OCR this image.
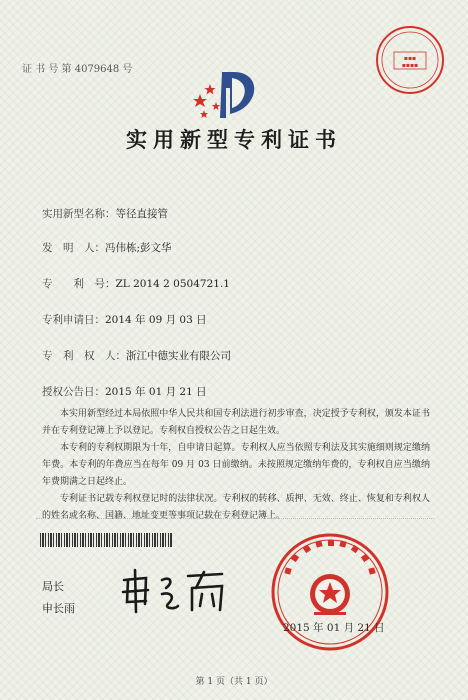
▪▪▪
▪▪▪▪
证 书 号 第 4079648 号
实用新型专利证书
实用新型名称：等径直接管
发　明　人：冯伟栋;彭文华
专　　利　号：ZL 2014 2 0504721.1
专利申请日：2014 年 09 月 03 日
专　利　权　人：浙江中德实业有限公司
授权公告日：2015 年 01 月 21 日

本实用新型经过本局依照中华人民共和国专利法进行初步审查，决定授予专利权，颁发本证书并在专利登记簿上予以登记。专利权自授权公告之日起生效。

本专利的专利权期限为十年，自申请日起算。专利权人应当依照专利法及其实施细则规定缴纳年费。本专利的年费应当在每年 09 月 03 日前缴纳。未按照规定缴纳年费的，专利权自应当缴纳年费期满之日起终止。

专利证书记载专利权登记时的法律状况。专利权的转移、质押、无效、终止、恢复和专利权人的姓名或名称、国籍、地址变更等事项记载在专利登记簿上。

局长
申长雨
2015 年 01 月 21 日
第 1 页（共 1 页）
